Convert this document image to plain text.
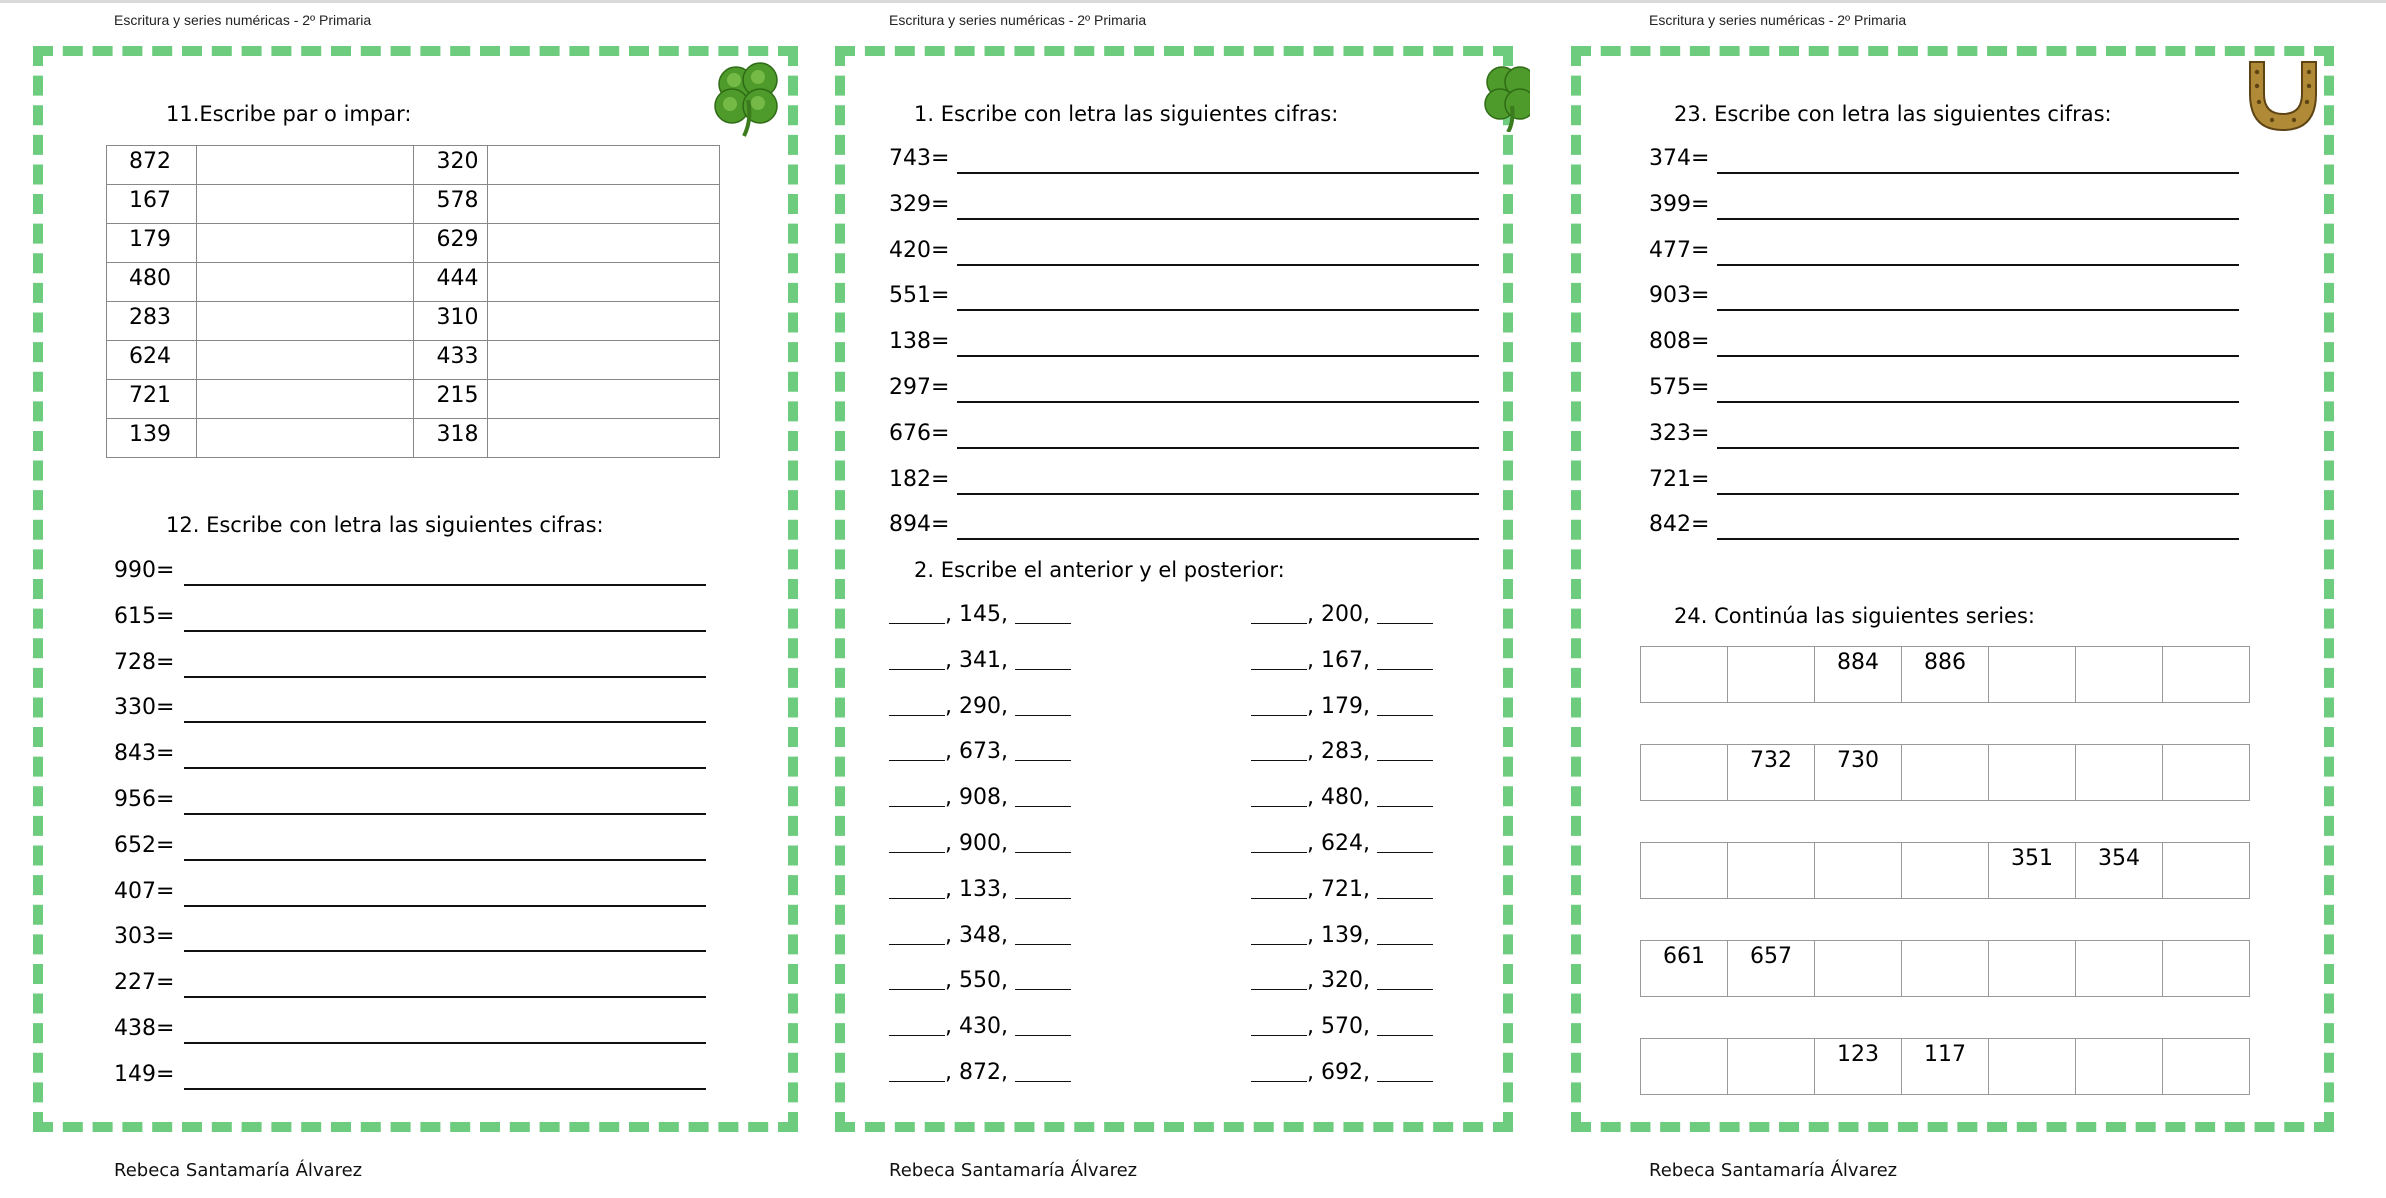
Escritura y series numéricas - 2º Primaria
11.Escribe par o impar:
872		320	
167		578	
179		629	
480		444	
283		310	
624		433	
721		215	
139		318	
12. Escribe con letra las siguientes cifras:
990=
615=
728=
330=
843=
956=
652=
407=
303=
227=
438=
149=
Rebeca Santamaría Álvarez
Escritura y series numéricas - 2º Primaria
1. Escribe con letra las siguientes cifras:
743=
329=
420=
551=
138=
297=
676=
182=
894=
2. Escribe el anterior y el posterior:
, 145,
, 341,
, 290,
, 673,
, 908,
, 900,
, 133,
, 348,
, 550,
, 430,
, 872,
, 200,
, 167,
, 179,
, 283,
, 480,
, 624,
, 721,
, 139,
, 320,
, 570,
, 692,
Rebeca Santamaría Álvarez
Escritura y series numéricas - 2º Primaria
23. Escribe con letra las siguientes cifras:
374=
399=
477=
903=
808=
575=
323=
721=
842=
24. Continúa las siguientes series:
		884	886			
	732	730				
				351	354	
661	657					
		123	117			
Rebeca Santamaría Álvarez
